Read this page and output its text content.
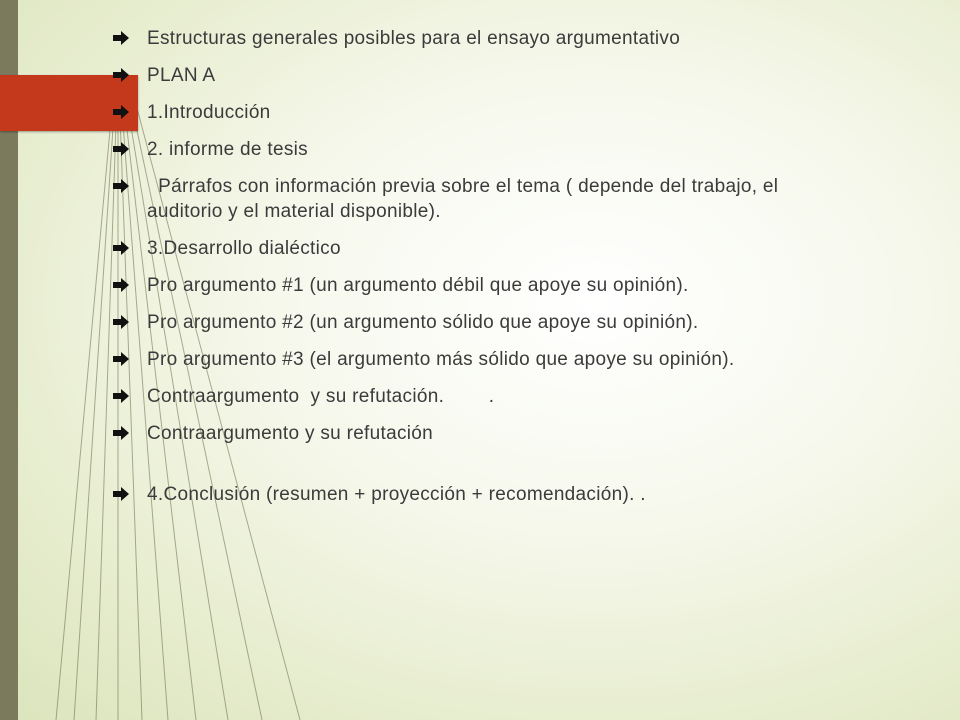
Estructuras generales posibles para el ensayo argumentativo
PLAN A
1.Introducción
2. informe de tesis
Párrafos con información previa sobre el tema ( depende del trabajo, el auditorio y el material disponible).
3.Desarrollo dialéctico
Pro argumento #1 (un argumento débil que apoye su opinión).
Pro argumento #2 (un argumento sólido que apoye su opinión).
Pro argumento #3 (el argumento más sólido que apoye su opinión).
Contraargumento  y su refutación.        .
Contraargumento y su refutación
4.Conclusión (resumen + proyección + recomendación). .
